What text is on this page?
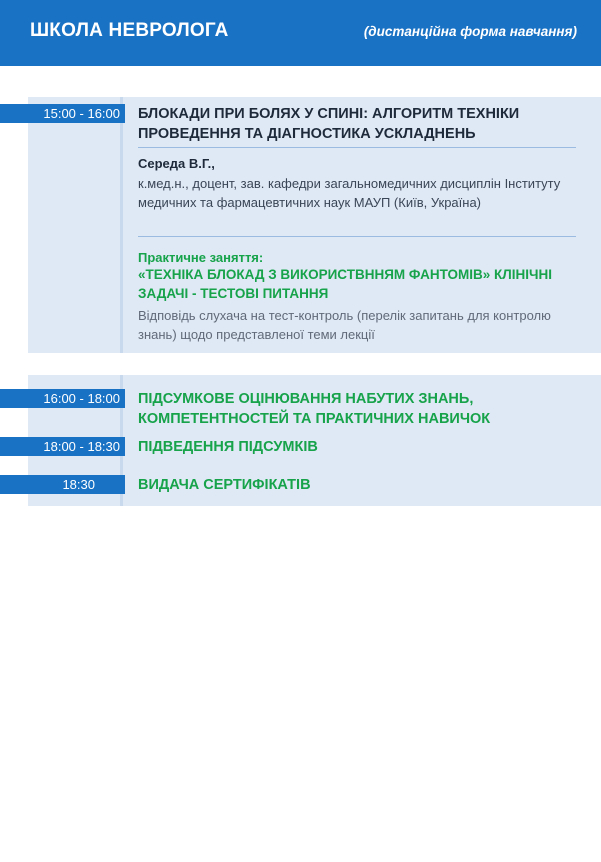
ШКОЛА НЕВРОЛОГА	(дистанційна форма навчання)
15:00 - 16:00	БЛОКАДИ ПРИ БОЛЯХ У СПИНІ: АЛГОРИТМ ТЕХНІКИ ПРОВЕДЕННЯ ТА ДІАГНОСТИКА УСКЛАДНЕНЬ
Середа В.Г.,
к.мед.н., доцент, зав. кафедри загальномедичних дисциплін Інституту медичних та фармацевтичних наук МАУП (Київ, Україна)
Практичне заняття:
«ТЕХНІКА БЛОКАД З ВИКОРИСТВННЯМ ФАНТОМІВ» КЛІНІЧНІ ЗАДАЧІ - ТЕСТОВІ ПИТАННЯ
Відповідь слухача на тест-контроль (перелік запитань для контролю знань) щодо представленої теми лекції
16:00 - 18:00	ПІДСУМКОВЕ ОЦІНЮВАННЯ НАБУТИХ ЗНАНЬ, КОМПЕТЕНТНОСТЕЙ ТА ПРАКТИЧНИХ НАВИЧОК
18:00 - 18:30	ПІДВЕДЕННЯ ПІДСУМКІВ
18:30	ВИДАЧА СЕРТИФІКАТІВ
